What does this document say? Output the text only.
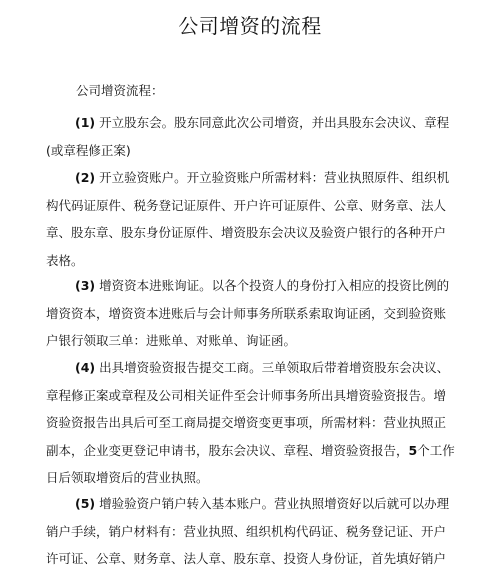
公司增资的流程
公司增资流程：

(1) 开立股东会。股东同意此次公司增资，并出具股东会决议、章程(或章程修正案)

(2) 开立验资账户。开立验资账户所需材料：营业执照原件、组织机构代码证原件、税务登记证原件、开户许可证原件、公章、财务章、法人章、股东章、股东身份证原件、增资股东会决议及验资户银行的各种开户表格。

(3) 增资资本进账询证。以各个投资人的身份打入相应的投资比例的增资资本，增资资本进账后与会计师事务所联系索取询证函，交到验资账户银行领取三单：进账单、对账单、询证函。

(4) 出具增资验资报告提交工商。三单领取后带着增资股东会决议、章程修正案或章程及公司相关证件至会计师事务所出具增资验资报告。增资验资报告出具后可至工商局提交增资变更事项，所需材料：营业执照正副本，企业变更登记申请书，股东会决议、章程、增资验资报告，5个工作日后领取增资后的营业执照。

(5) 增验验资户销户转入基本账户。营业执照增资好以后就可以办理销户手续，销户材料有：营业执照、组织机构代码证、税务登记证、开户许可证、公章、财务章、法人章、股东章、投资人身份证，首先填好销户
